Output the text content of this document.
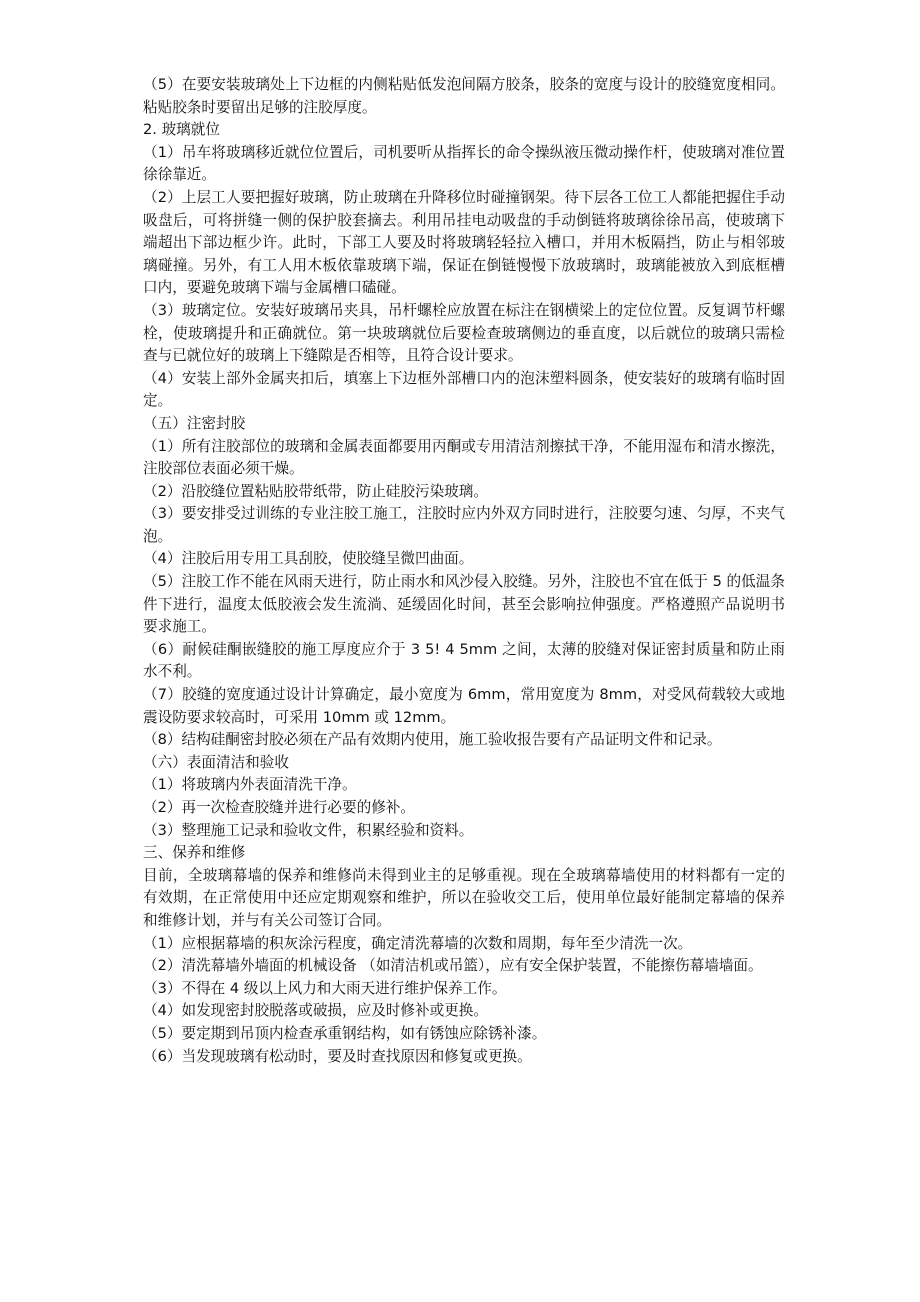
（5）在要安装玻璃处上下边框的内侧粘贴低发泡间隔方胶条，胶条的宽度与设计的胶缝宽度相同。粘贴胶条时要留出足够的注胶厚度。

2. 玻璃就位

（1）吊车将玻璃移近就位位置后，司机要听从指挥长的命令操纵液压微动操作杆，使玻璃对准位置徐徐靠近。

（2）上层工人要把握好玻璃，防止玻璃在升降移位时碰撞钢架。待下层各工位工人都能把握住手动吸盘后，可将拼缝一侧的保护胶套摘去。利用吊挂电动吸盘的手动倒链将玻璃徐徐吊高，使玻璃下端超出下部边框少许。此时，下部工人要及时将玻璃轻轻拉入槽口，并用木板隔挡，防止与相邻玻璃碰撞。另外，有工人用木板依靠玻璃下端，保证在倒链慢慢下放玻璃时，玻璃能被放入到底框槽口内，要避免玻璃下端与金属槽口磕碰。

（3）玻璃定位。安装好玻璃吊夹具，吊杆螺栓应放置在标注在钢横梁上的定位位置。反复调节杆螺栓，使玻璃提升和正确就位。第一块玻璃就位后要检查玻璃侧边的垂直度，以后就位的玻璃只需检查与已就位好的玻璃上下缝隙是否相等，且符合设计要求。

（4）安装上部外金属夹扣后，填塞上下边框外部槽口内的泡沫塑料圆条，使安装好的玻璃有临时固定。

（五）注密封胶

（1）所有注胶部位的玻璃和金属表面都要用丙酮或专用清洁剂擦拭干净，不能用湿布和清水擦洗，注胶部位表面必须干燥。

（2）沿胶缝位置粘贴胶带纸带，防止硅胶污染玻璃。

（3）要安排受过训练的专业注胶工施工，注胶时应内外双方同时进行，注胶要匀速、匀厚，不夹气泡。

（4）注胶后用专用工具刮胶，使胶缝呈微凹曲面。

（5）注胶工作不能在风雨天进行，防止雨水和风沙侵入胶缝。另外，注胶也不宜在低于 5 的低温条件下进行，温度太低胶液会发生流淌、延缓固化时间，甚至会影响拉伸强度。严格遵照产品说明书要求施工。

（6）耐候硅酮嵌缝胶的施工厚度应介于 3 5! 4 5mm 之间，太薄的胶缝对保证密封质量和防止雨水不利。

（7）胶缝的宽度通过设计计算确定，最小宽度为 6mm，常用宽度为 8mm，对受风荷载较大或地震设防要求较高时，可采用 10mm 或 12mm。

（8）结构硅酮密封胶必须在产品有效期内使用，施工验收报告要有产品证明文件和记录。

（六）表面清洁和验收

（1）将玻璃内外表面清洗干净。

（2）再一次检查胶缝并进行必要的修补。

（3）整理施工记录和验收文件，积累经验和资料。

三、保养和维修

目前，全玻璃幕墙的保养和维修尚未得到业主的足够重视。现在全玻璃幕墙使用的材料都有一定的有效期，在正常使用中还应定期观察和维护，所以在验收交工后，使用单位最好能制定幕墙的保养和维修计划，并与有关公司签订合同。

（1）应根据幕墙的积灰涂污程度，确定清洗幕墙的次数和周期，每年至少清洗一次。

（2）清洗幕墙外墙面的机械设备 （如清洁机或吊篮），应有安全保护装置，不能擦伤幕墙墙面。

（3）不得在 4 级以上风力和大雨天进行维护保养工作。

（4）如发现密封胶脱落或破损，应及时修补或更换。

（5）要定期到吊顶内检查承重钢结构，如有锈蚀应除锈补漆。

（6）当发现玻璃有松动时，要及时查找原因和修复或更换。
